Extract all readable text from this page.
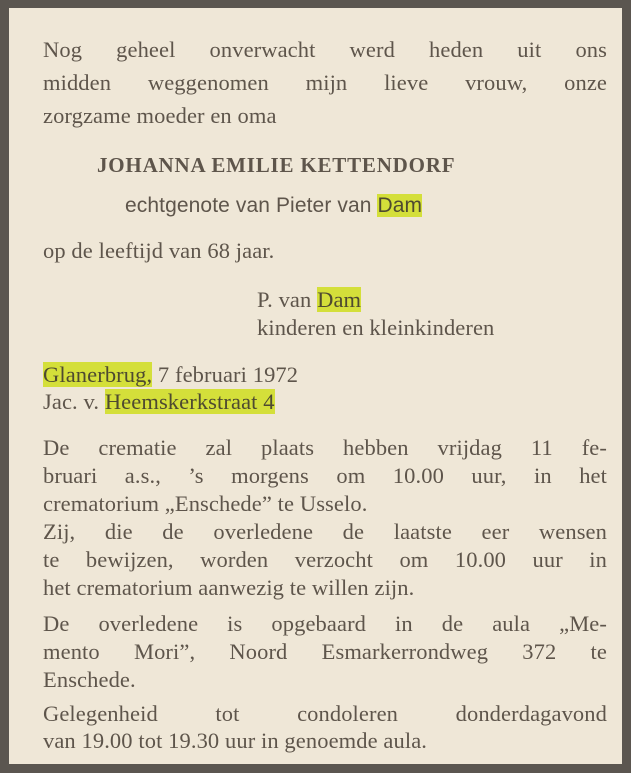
Nog geheel onverwacht werd heden uit ons
midden weggenomen mijn lieve vrouw, onze
zorgzame moeder en oma
JOHANNA EMILIE KETTENDORF
echtgenote van Pieter van Dam
op de leeftijd van 68 jaar.
P. van Dam
kinderen en kleinkinderen
Glanerbrug, 7 februari 1972
Jac. v. Heemskerkstraat 4
De crematie zal plaats hebben vrijdag 11 fe-
bruari a.s., ’s morgens om 10.00 uur, in het
crematorium „Enschede” te Usselo.
Zij, die de overledene de laatste eer wensen
te bewijzen, worden verzocht om 10.00 uur in
het crematorium aanwezig te willen zijn.
De overledene is opgebaard in de aula „Me-
mento Mori”, Noord Esmarkerrondweg 372 te
Enschede.
Gelegenheid tot condoleren donderdagavond
van 19.00 tot 19.30 uur in genoemde aula.
